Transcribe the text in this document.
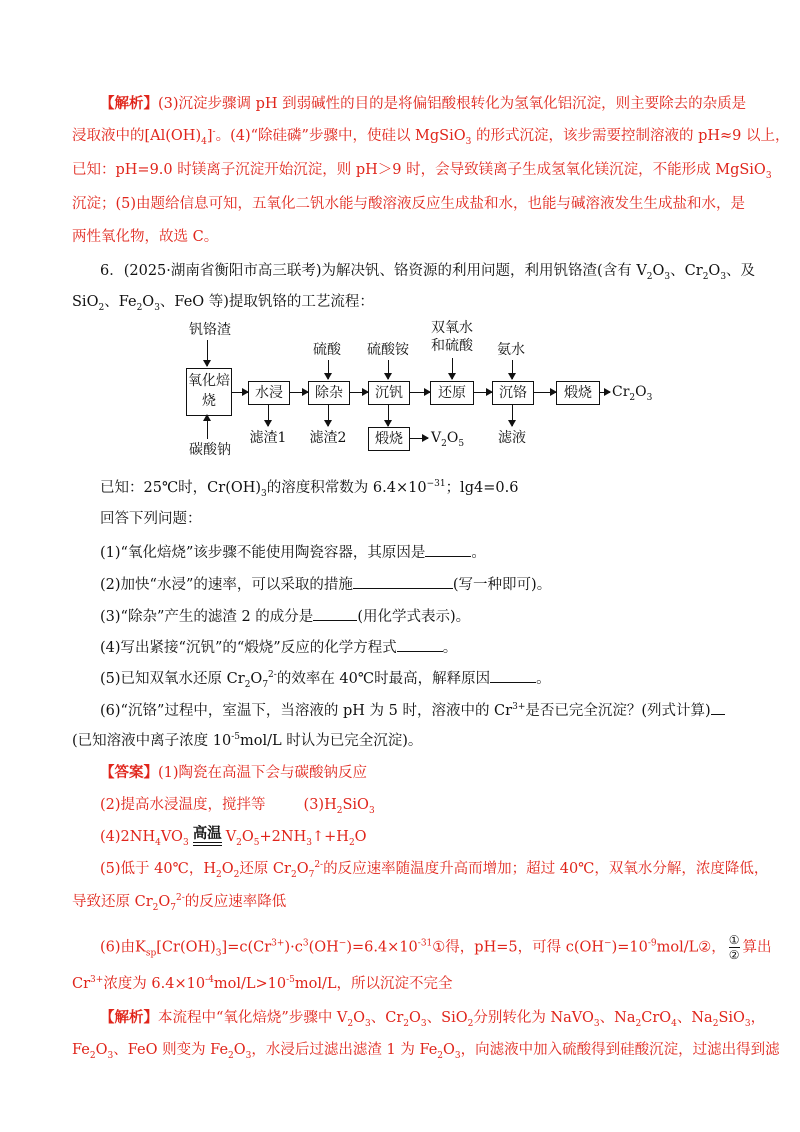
【解析】(3)沉淀步骤调 pH 到弱碱性的目的是将偏铝酸根转化为氢氧化铝沉淀，则主要除去的杂质是
浸取液中的$[Al(OH)_4]^-$。(4)“除硅磷”步骤中，使硅以 MgSiO$_3$ 的形式沉淀，该步需要控制溶液的 pH≈9 以上，
已知：pH=9.0 时镁离子沉淀开始沉淀，则 pH＞9 时，会导致镁离子生成氢氧化镁沉淀，不能形成 MgSiO$_3$
沉淀；(5)由题给信息可知，五氧化二钒水能与酸溶液反应生成盐和水，也能与碱溶液发生生成盐和水，是
两性氧化物，故选 C。
6．(2025·湖南省衡阳市高三联考)为解决钒、铬资源的利用问题，利用钒铬渣(含有 $V_2O_3$、$Cr_2O_3$、及
SiO$_2$、$Fe_2O_3$、FeO 等)提取钒铬的工艺流程：
钒铬渣
氧化焙烧
碳酸钠
水浸
滤渣1
硫酸
除杂
滤渣2
硫酸铵
沉钒
煅烧	$V_2O_5$
双氧水
和硫酸
还原
氨水
沉铬
滤液
煅烧	$Cr_2O_3$
已知：25℃时，$Cr(OH)_3$的溶度积常数为 $6.4\times 10^{-31}$；lg4=0.6
回答下列问题：
(1)“氧化焙烧”该步骤不能使用陶瓷容器，其原因是	。
(2)加快“水浸”的速率，可以采取的措施	(写一种即可)。
(3)“除杂”产生的滤渣 2 的成分是	(用化学式表示)。
(4)写出紧接“沉钒”的“煅烧”反应的化学方程式	。
(5)已知双氧水还原 $Cr_2O_7^{2-}$的效率在 40℃时最高，解释原因	。
(6)“沉铬”过程中，室温下，当溶液的 pH 为 5 时，溶液中的 $Cr^{3+}$是否已完全沉淀？(列式计算)
(已知溶液中离子浓度 $10^{-5}mol/L$ 时认为已完全沉淀)。
【答案】(1)陶瓷在高温下会与碳酸钠反应
(2)提高水浸温度，搅拌等	$(3)H_2SiO_3$
$(4)2NH_4VO_3$高温 $V_2O_5+2NH_3↑+H_2O$
(5)低于 40℃，$H_2O_2$还原 $Cr_2O_7^{2-}$的反应速率随温度升高而增加；超过 40℃，双氧水分解，浓度降低，
导致还原 $Cr_2O_7^{2-}$的反应速率降低
(6)由$K_{sp}[Cr(OH)_3]=c(Cr^{3+})\cdot c^3(OH^-)=6.4\times 10^{-31}①$得，pH=5，可得 $c(OH^-)=10^{-9}mol/L②$， $\frac{\text{①}}{\text{②}}$ 算出
$Cr^{3+}$浓度为 $6.4\times 10^{-4}mol/L>10^{-5}mol/L$，所以沉淀不完全
【解析】本流程中“氧化焙烧”步骤中 $V_2O_3$、$Cr_2O_3$、SiO$_2$分别转化为 NaVO$_3$、$Na_2CrO_4$、$Na_2SiO_3$，
$Fe_2O_3$、FeO 则变为 $Fe_2O_3$，水浸后过滤出滤渣 1 为 $Fe_2O_3$，向滤液中加入硫酸得到硅酸沉淀，过滤出得到滤
